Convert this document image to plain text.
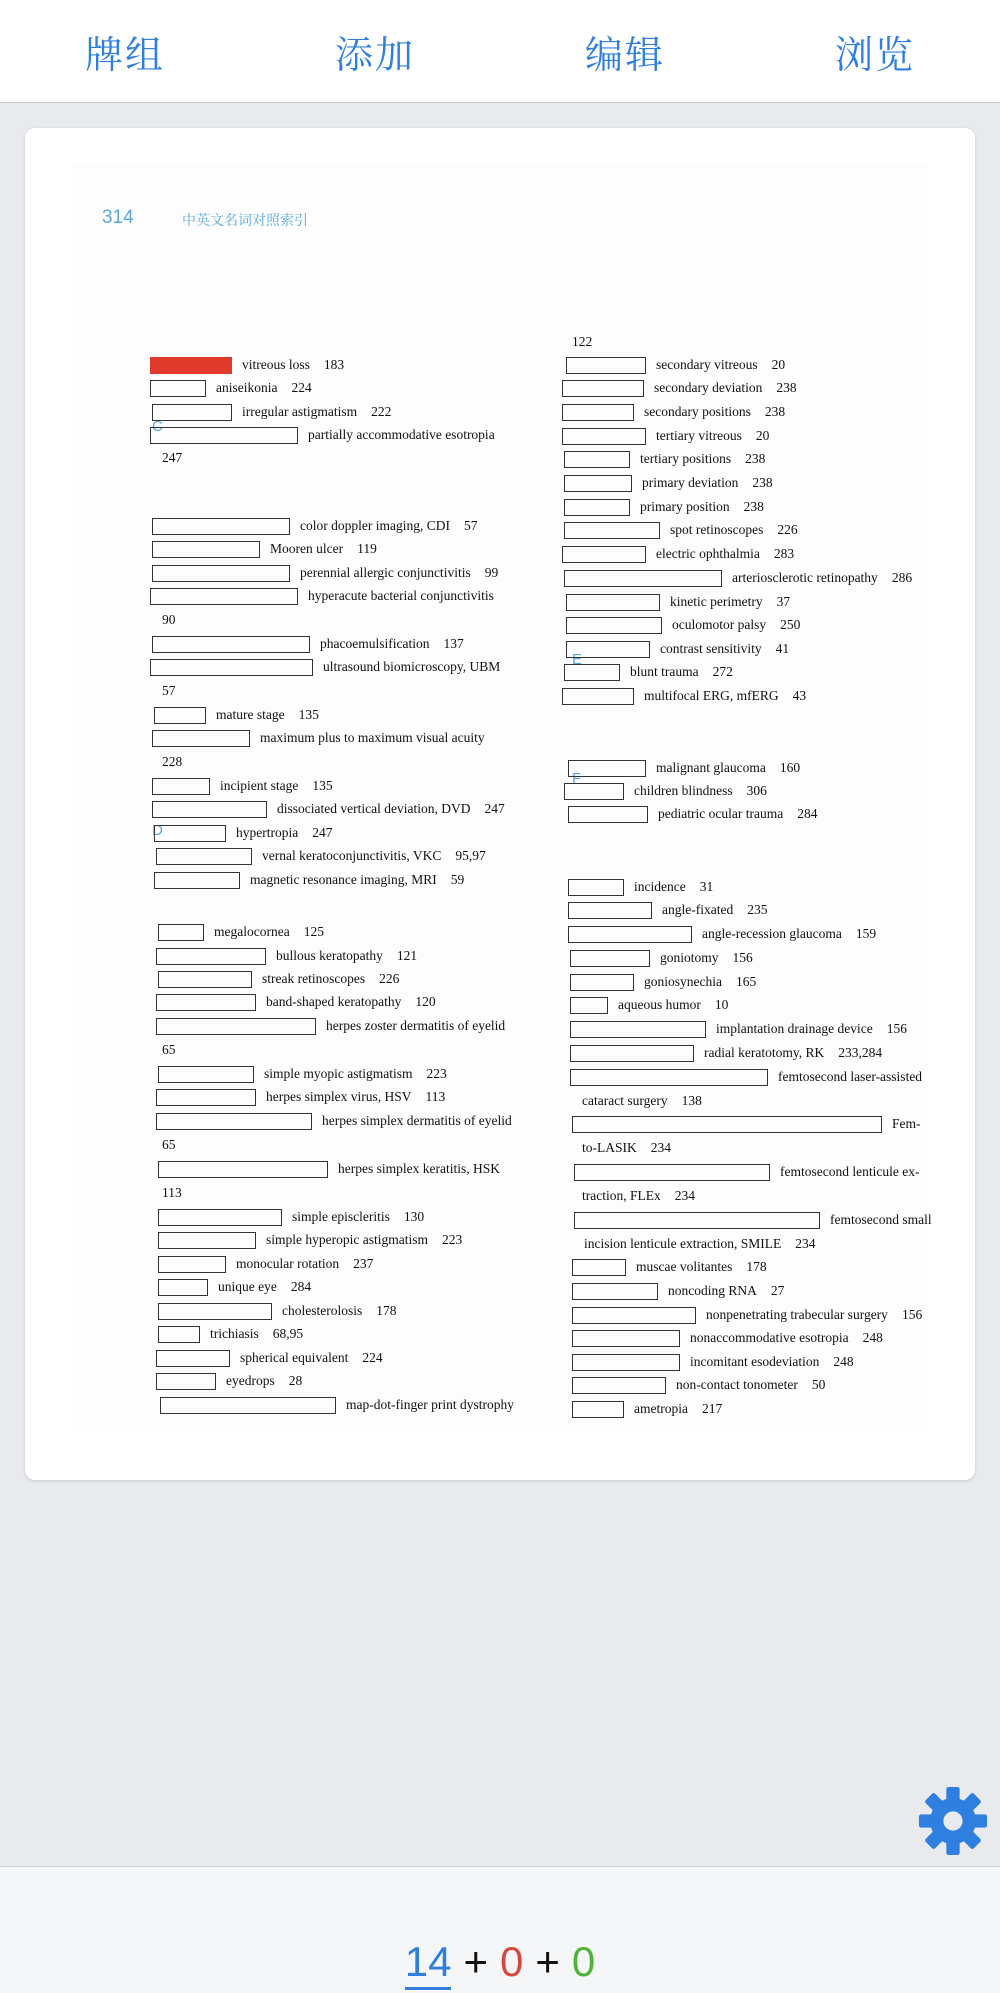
牌组	添加	编辑	浏览
314	中英文名词对照索引
C
D
E
F
vitreous loss 183
aniseikonia 224
irregular astigmatism 222
partially accommodative esotropia
247
color doppler imaging, CDI 57
Mooren ulcer 119
perennial allergic conjunctivitis 99
hyperacute bacterial conjunctivitis
90
phacoemulsification 137
ultrasound biomicroscopy, UBM
57
mature stage 135
maximum plus to maximum visual acuity
228
incipient stage 135
dissociated vertical deviation, DVD 247
hypertropia 247
vernal keratoconjunctivitis, VKC 95,97
magnetic resonance imaging, MRI 59
megalocornea 125
bullous keratopathy 121
streak retinoscopes 226
band-shaped keratopathy 120
herpes zoster dermatitis of eyelid
65
simple myopic astigmatism 223
herpes simplex virus, HSV 113
herpes simplex dermatitis of eyelid
65
herpes simplex keratitis, HSK
113
simple episcleritis 130
simple hyperopic astigmatism 223
monocular rotation 237
unique eye 284
cholesterolosis 178
trichiasis 68,95
spherical equivalent 224
eyedrops 28
map-dot-finger print dystrophy
122
secondary vitreous 20
secondary deviation 238
secondary positions 238
tertiary vitreous 20
tertiary positions 238
primary deviation 238
primary position 238
spot retinoscopes 226
electric ophthalmia 283
arteriosclerotic retinopathy 286
kinetic perimetry 37
oculomotor palsy 250
contrast sensitivity 41
blunt trauma 272
multifocal ERG, mfERG 43
malignant glaucoma 160
children blindness 306
pediatric ocular trauma 284
incidence 31
angle-fixated 235
angle-recession glaucoma 159
goniotomy 156
goniosynechia 165
aqueous humor 10
implantation drainage device 156
radial keratotomy, RK 233,284
femtosecond laser-assisted
cataract surgery 138
Fem-
to-LASIK 234
femtosecond lenticule ex-
traction, FLEx 234
femtosecond small
incision lenticule extraction, SMILE 234
muscae volitantes 178
noncoding RNA 27
nonpenetrating trabecular surgery 156
nonaccommodative esotropia 248
incomitant esodeviation 248
non-contact tonometer 50
ametropia 217
14 + 0 + 0
